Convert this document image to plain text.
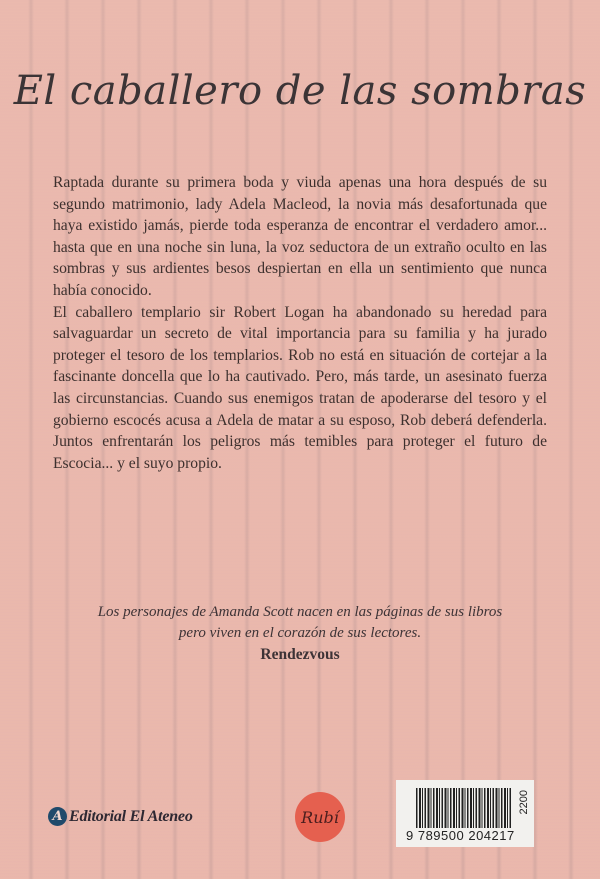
El caballero de las sombras

Raptada durante su primera boda y viuda apenas una hora después de su segundo matrimonio, lady Adela Macleod, la novia más desafortunada que haya existido jamás, pierde toda esperanza de encontrar el verdadero amor... hasta que en una noche sin luna, la voz seductora de un extraño oculto en las sombras y sus ardientes besos despiertan en ella un sentimiento que nunca había conocido.

El caballero templario sir Robert Logan ha abandonado su heredad para salvaguardar un secreto de vital importancia para su familia y ha jurado proteger el tesoro de los templarios. Rob no está en situación de cortejar a la fascinante doncella que lo ha cautivado. Pero, más tarde, un asesinato fuerza las circunstancias. Cuando sus enemigos tratan de apoderarse del tesoro y el gobierno escocés acusa a Adela de matar a su esposo, Rob deberá defenderla. Juntos enfrentarán los peligros más temibles para proteger el futuro de Escocia... y el suyo propio.

Los personajes de Amanda Scott nacen en las páginas de sus libros
pero viven en el corazón de sus lectores.
Rendezvous
A Editorial El Ateneo	Rubí
9 789500 204217
2200
